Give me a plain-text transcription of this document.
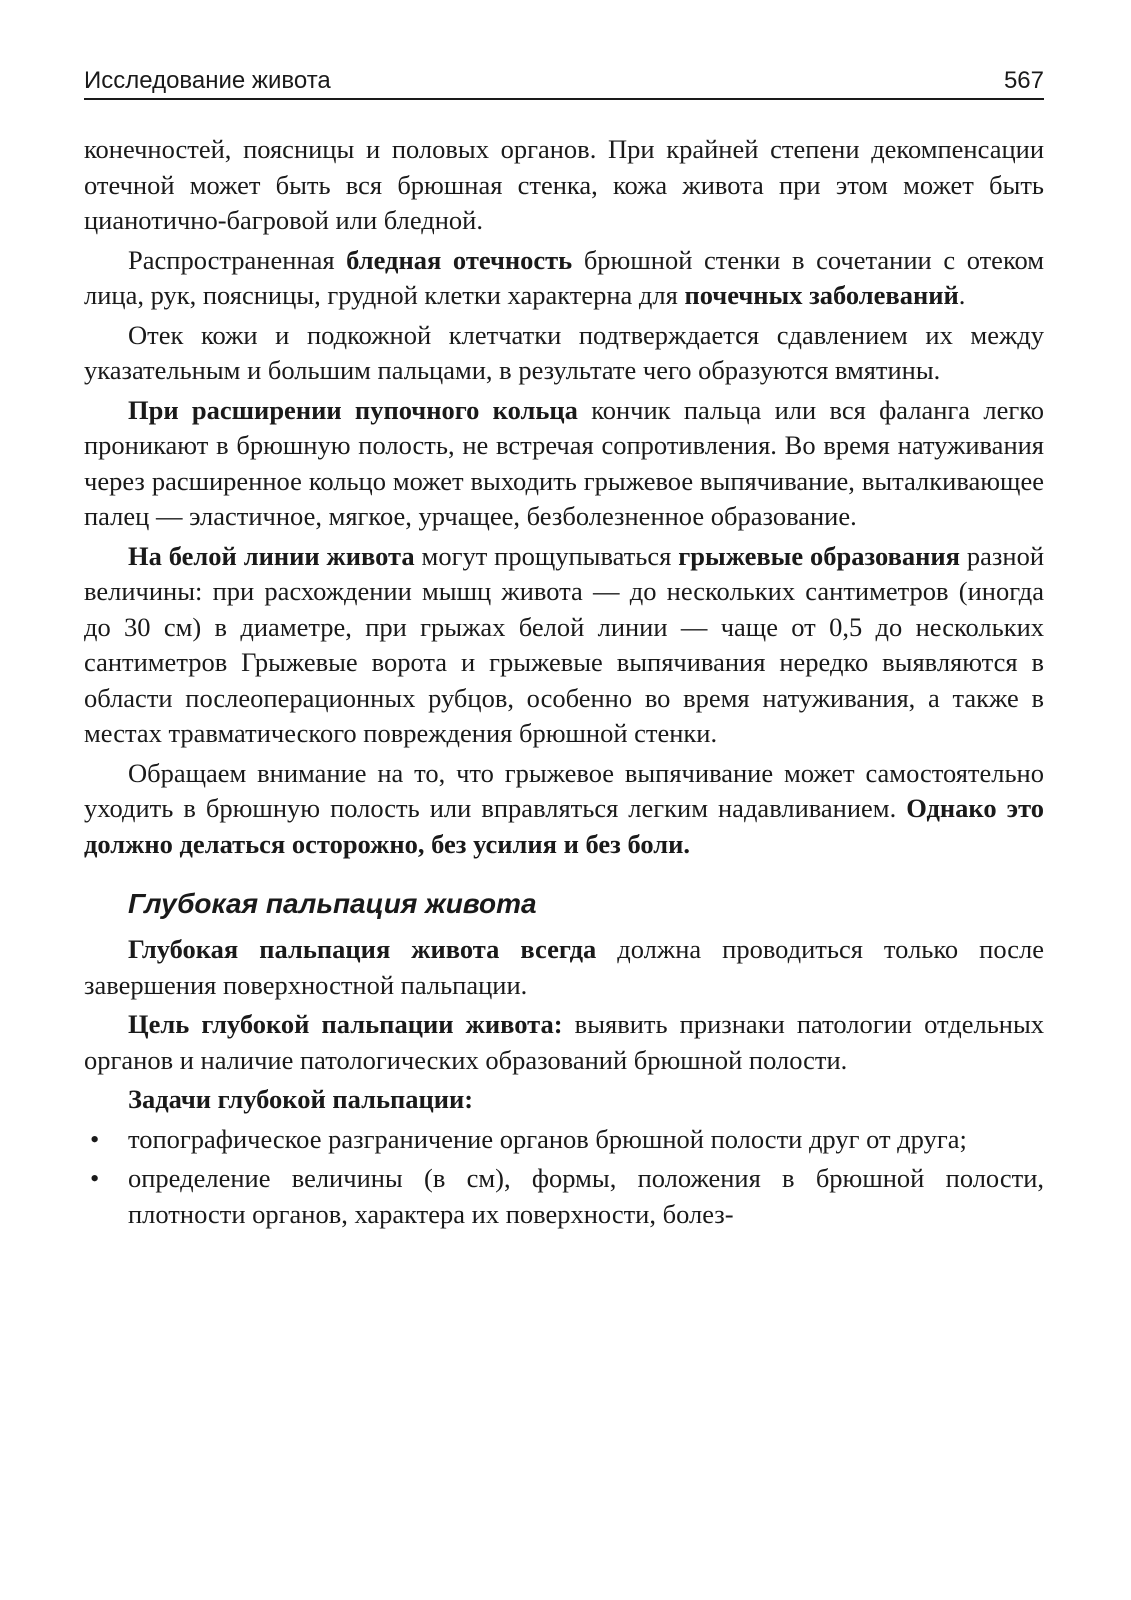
Исследование живота	567

конечностей, поясницы и половых органов. При крайней степени декомпенсации отечной может быть вся брюшная стенка, кожа живота при этом может быть цианотично-багровой или бледной.

Распространенная бледная отечность брюшной стенки в сочетании с отеком лица, рук, поясницы, грудной клетки характерна для почечных заболеваний.

Отек кожи и подкожной клетчатки подтверждается сдавлением их между указательным и большим пальцами, в результате чего образуются вмятины.

При расширении пупочного кольца кончик пальца или вся фаланга легко проникают в брюшную полость, не встречая сопротивления. Во время натуживания через расширенное кольцо может выходить грыжевое выпячивание, выталкивающее палец — эластичное, мягкое, урчащее, безболезненное образование.

На белой линии живота могут прощупываться грыжевые образования разной величины: при расхождении мышц живота — до нескольких сантиметров (иногда до 30 см) в диаметре, при грыжах белой линии — чаще от 0,5 до нескольких сантиметров Грыжевые ворота и грыжевые выпячивания нередко выявляются в области послеоперационных рубцов, особенно во время натуживания, а также в местах травматического повреждения брюшной стенки.

Обращаем внимание на то, что грыжевое выпячивание может самостоятельно уходить в брюшную полость или вправляться легким надавливанием. Однако это должно делаться осторожно, без усилия и без боли.

Глубокая пальпация живота

Глубокая пальпация живота всегда должна проводиться только после завершения поверхностной пальпации.

Цель глубокой пальпации живота: выявить признаки патологии отдельных органов и наличие патологических образований брюшной полости.

Задачи глубокой пальпации:

• топографическое разграничение органов брюшной полости друг от друга;
• определение величины (в см), формы, положения в брюшной полости, плотности органов, характера их поверхности, болез-
